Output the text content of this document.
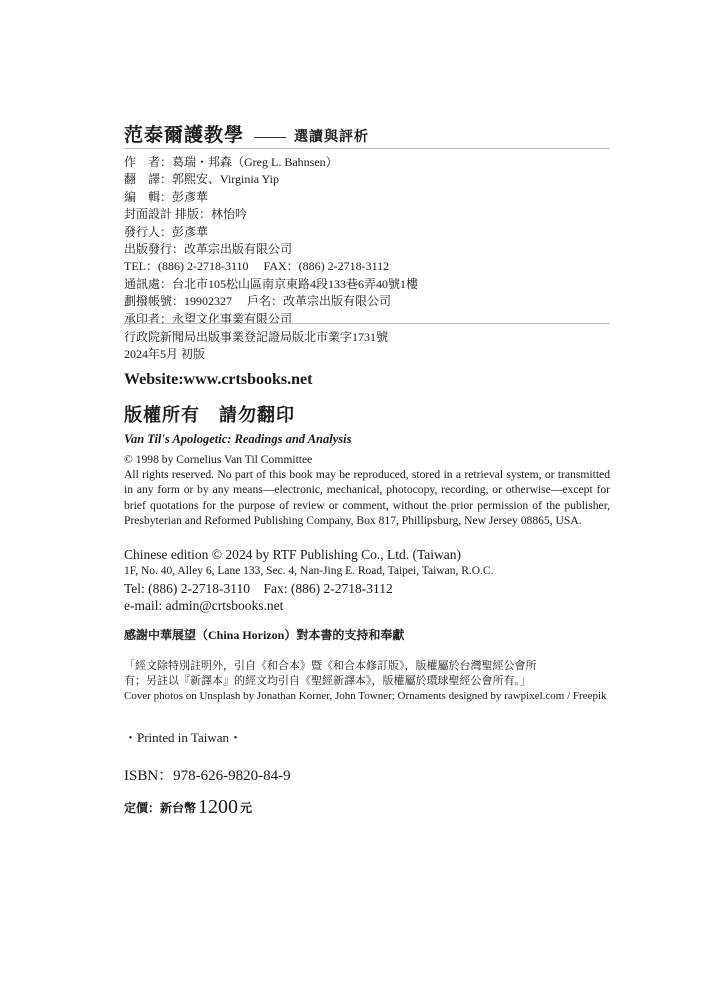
范泰爾護教學	選讀與評析
作　者：葛瑞・邦森（Greg L. Bahnsen）
翻　譯：郭熙安、Virginia Yip
編　輯：彭彥華
封面設計 排版：林怡吟
發行人：彭彥華
出版發行：改革宗出版有限公司
TEL：(886) 2-2718-3110　 FAX：(886) 2-2718-3112
通訊處：台北市105松山區南京東路4段133巷6弄40號1樓
劃撥帳號：19902327　 戶名：改革宗出版有限公司
承印者：永望文化事業有限公司
行政院新聞局出版事業登記證局版北市業字1731號
2024年5月 初版
Website:www.crtsbooks.net
版權所有　請勿翻印
Van Til's Apologetic: Readings and Analysis
© 1998 by Cornelius Van Til Committee
All rights reserved. No part of this book may be reproduced, stored in a retrieval system, or transmitted in any form or by any means—electronic, mechanical, photocopy, recording, or otherwise—except for brief quotations for the purpose of review or comment, without the prior permission of the publisher, Presbyterian and Reformed Publishing Company, Box 817, Phillipsburg, New Jersey 08865, USA.
Chinese edition © 2024 by RTF Publishing Co., Ltd. (Taiwan)
1F, No. 40, Alley 6, Lane 133, Sec. 4, Nan-Jing E. Road, Taipei, Taiwan, R.O.C.
Tel: (886) 2-2718-3110　Fax: (886) 2-2718-3112
e-mail: admin@crtsbooks.net
感謝中華展望（China Horizon）對本書的支持和奉獻
「經文除特別註明外，引自《和合本》暨《和合本修訂版》，版權屬於台灣聖經公會所
有；另註以『新譯本』的經文均引自《聖經新譯本》，版權屬於環球聖經公會所有。」
Cover photos on Unsplash by Jonathan Korner, John Towner; Ornaments designed by rawpixel.com / Freepik
・Printed in Taiwan・
ISBN：978-626-9820-84-9
定價：新台幣 1200 元
